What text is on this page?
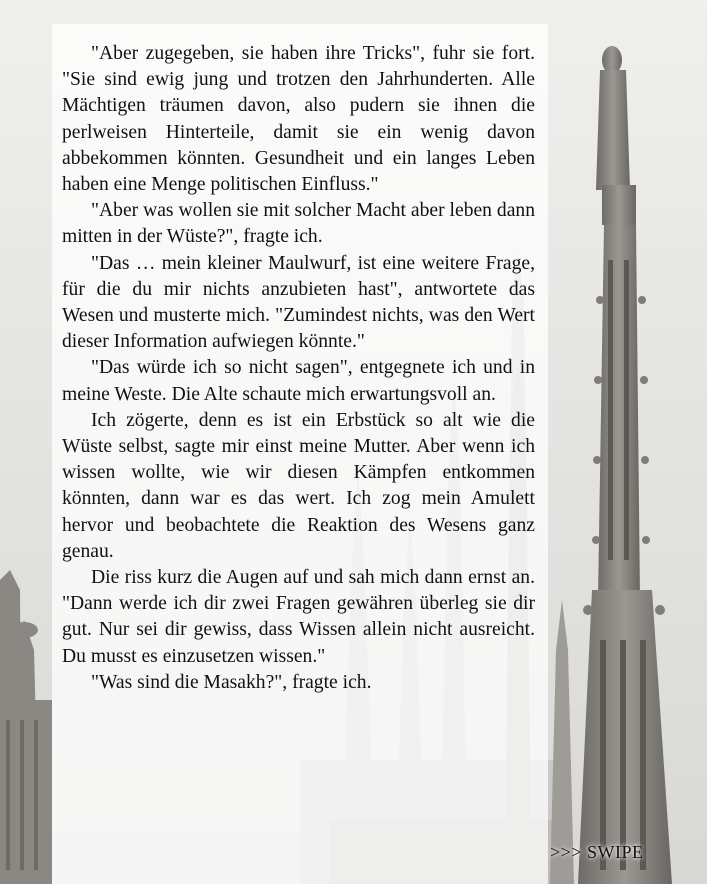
"Aber zugegeben, sie haben ihre Tricks", fuhr sie fort. "Sie sind ewig jung und trotzen den Jahrhunderten. Alle Mächtigen träumen davon, also pudern sie ihnen die perlweisen Hinterteile, damit sie ein wenig davon abbekommen könnten. Gesundheit und ein langes Leben haben eine Menge politischen Einfluss."

"Aber was wollen sie mit solcher Macht aber leben dann mitten in der Wüste?", fragte ich.

"Das … mein kleiner Maulwurf, ist eine weitere Frage, für die du mir nichts anzubieten hast", antwortete das Wesen und musterte mich. "Zumindest nichts, was den Wert dieser Information aufwiegen könnte."

"Das würde ich so nicht sagen", entgegnete ich und in meine Weste. Die Alte schaute mich erwartungsvoll an.

Ich zögerte, denn es ist ein Erbstück so alt wie die Wüste selbst, sagte mir einst meine Mutter. Aber wenn ich wissen wollte, wie wir diesen Kämpfen entkommen könnten, dann war es das wert. Ich zog mein Amulett hervor und beobachtete die Reaktion des Wesens ganz genau.

Die riss kurz die Augen auf und sah mich dann ernst an. "Dann werde ich dir zwei Fragen gewähren überleg sie dir gut. Nur sei dir gewiss, dass Wissen allein nicht ausreicht. Du musst es einzusetzen wissen."

"Was sind die Masakh?", fragte ich.

>>> SWIPE
